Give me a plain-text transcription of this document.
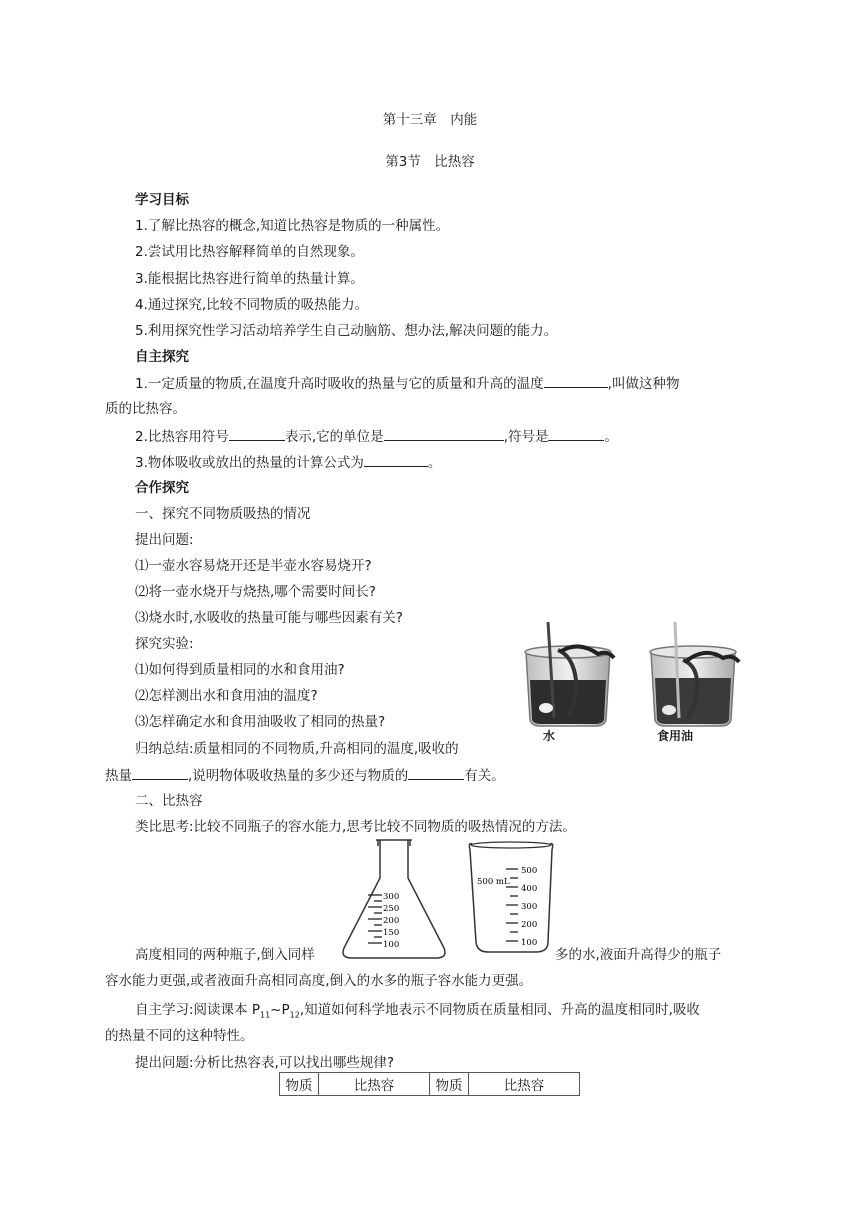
第十三章　内能
第3节　比热容
学习目标
1.了解比热容的概念,知道比热容是物质的一种属性。
2.尝试用比热容解释简单的自然现象。
3.能根据比热容进行简单的热量计算。
4.通过探究,比较不同物质的吸热能力。
5.利用探究性学习活动培养学生自己动脑筋、想办法,解决问题的能力。
自主探究
1.一定质量的物质,在温度升高时吸收的热量与它的质量和升高的温度	,叫做这种物
质的比热容。
2.比热容用符号	表示,它的单位是	,符号是	。
3.物体吸收或放出的热量的计算公式为	。
合作探究
一、探究不同物质吸热的情况
提出问题:
⑴一壶水容易烧开还是半壶水容易烧开?
⑵将一壶水烧开与烧热,哪个需要时间长?
⑶烧水时,水吸收的热量可能与哪些因素有关?
探究实验:
⑴如何得到质量相同的水和食用油?
⑵怎样测出水和食用油的温度?
⑶怎样确定水和食用油吸收了相同的热量?
归纳总结:质量相同的不同物质,升高相同的温度,吸收的
热量	,说明物体吸收热量的多少还与物质的	有关。
水	食用油
二、比热容
类比思考:比较不同瓶子的容水能力,思考比较不同物质的吸热情况的方法。
300
250
200
150
100
500 mL
500
400
300
200
100
高度相同的两种瓶子,倒入同样	多的水,液面升高得少的瓶子
容水能力更强,或者液面升高相同高度,倒入的水多的瓶子容水能力更强。
自主学习:阅读课本 $P_{11}\sim P_{12}$,知道如何科学地表示不同物质在质量相同、升高的温度相同时,吸收
的热量不同的这种特性。
提出问题:分析比热容表,可以找出哪些规律?
物质	比热容	物质	比热容
